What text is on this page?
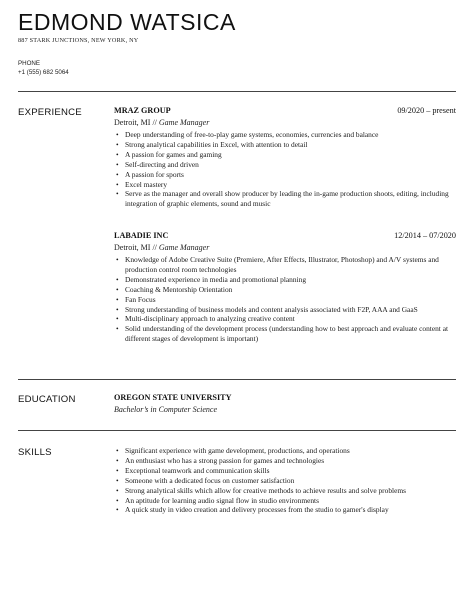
EDMOND WATSICA
887 STARK JUNCTIONS, NEW YORK, NY
PHONE
+1 (555) 682 5064
EXPERIENCE	MRAZ GROUP	09/2020 – present
Detroit, MI // Game Manager
• Deep understanding of free-to-play game systems, economies, currencies and balance
• Strong analytical capabilities in Excel, with attention to detail
• A passion for games and gaming
• Self-directing and driven
• A passion for sports
• Excel mastery
• Serve as the manager and overall show producer by leading the in-game production shoots, editing, including integration of graphic elements, sound and music
LABADIE INC	12/2014 – 07/2020
Detroit, MI // Game Manager
• Knowledge of Adobe Creative Suite (Premiere, After Effects, Illustrator, Photoshop) and A/V systems and production control room technologies
• Demonstrated experience in media and promotional planning
• Coaching & Mentorship Orientation
• Fan Focus
• Strong understanding of business models and content analysis associated with F2P, AAA and GaaS
• Multi-disciplinary approach to analyzing creative content
• Solid understanding of the development process (understanding how to best approach and evaluate content at different stages of development is important)
EDUCATION	OREGON STATE UNIVERSITY
Bachelor’s in Computer Science
SKILLS
•	Significant experience with game development, productions, and operations
• An enthusiast who has a strong passion for games and technologies
• Exceptional teamwork and communication skills
• Someone with a dedicated focus on customer satisfaction
• Strong analytical skills which allow for creative methods to achieve results and solve problems
• An aptitude for learning audio signal flow in studio environments
• A quick study in video creation and delivery processes from the studio to gamer's display
